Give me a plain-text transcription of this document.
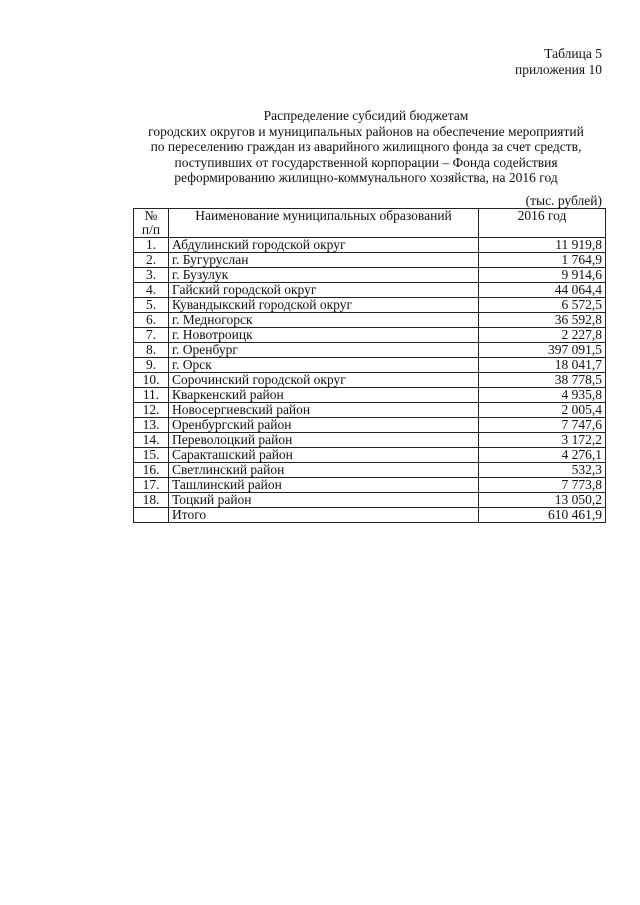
Таблица 5
приложения 10
Распределение субсидий бюджетам
городских округов и муниципальных районов на обеспечение мероприятий
по переселению граждан из аварийного жилищного фонда за счет средств,
поступивших от государственной корпорации – Фонда содействия
реформированию жилищно-коммунального хозяйства, на 2016 год
(тыс. рублей)
№
п/п	Наименование муниципальных образований	2016 год
1.	Абдулинский городской округ	11 919,8
2.	г. Бугуруслан	1 764,9
3.	г. Бузулук	9 914,6
4.	Гайский городской округ	44 064,4
5.	Кувандыкский городской округ	6 572,5
6.	г. Медногорск	36 592,8
7.	г. Новотроицк	2 227,8
8.	г. Оренбург	397 091,5
9.	г. Орск	18 041,7
10.	Сорочинский городской округ	38 778,5
11.	Кваркенский район	4 935,8
12.	Новосергиевский район	2 005,4
13.	Оренбургский район	7 747,6
14.	Переволоцкий район	3 172,2
15.	Саракташский район	4 276,1
16.	Светлинский район	532,3
17.	Ташлинский район	7 773,8
18.	Тоцкий район	13 050,2
	Итого	610 461,9
